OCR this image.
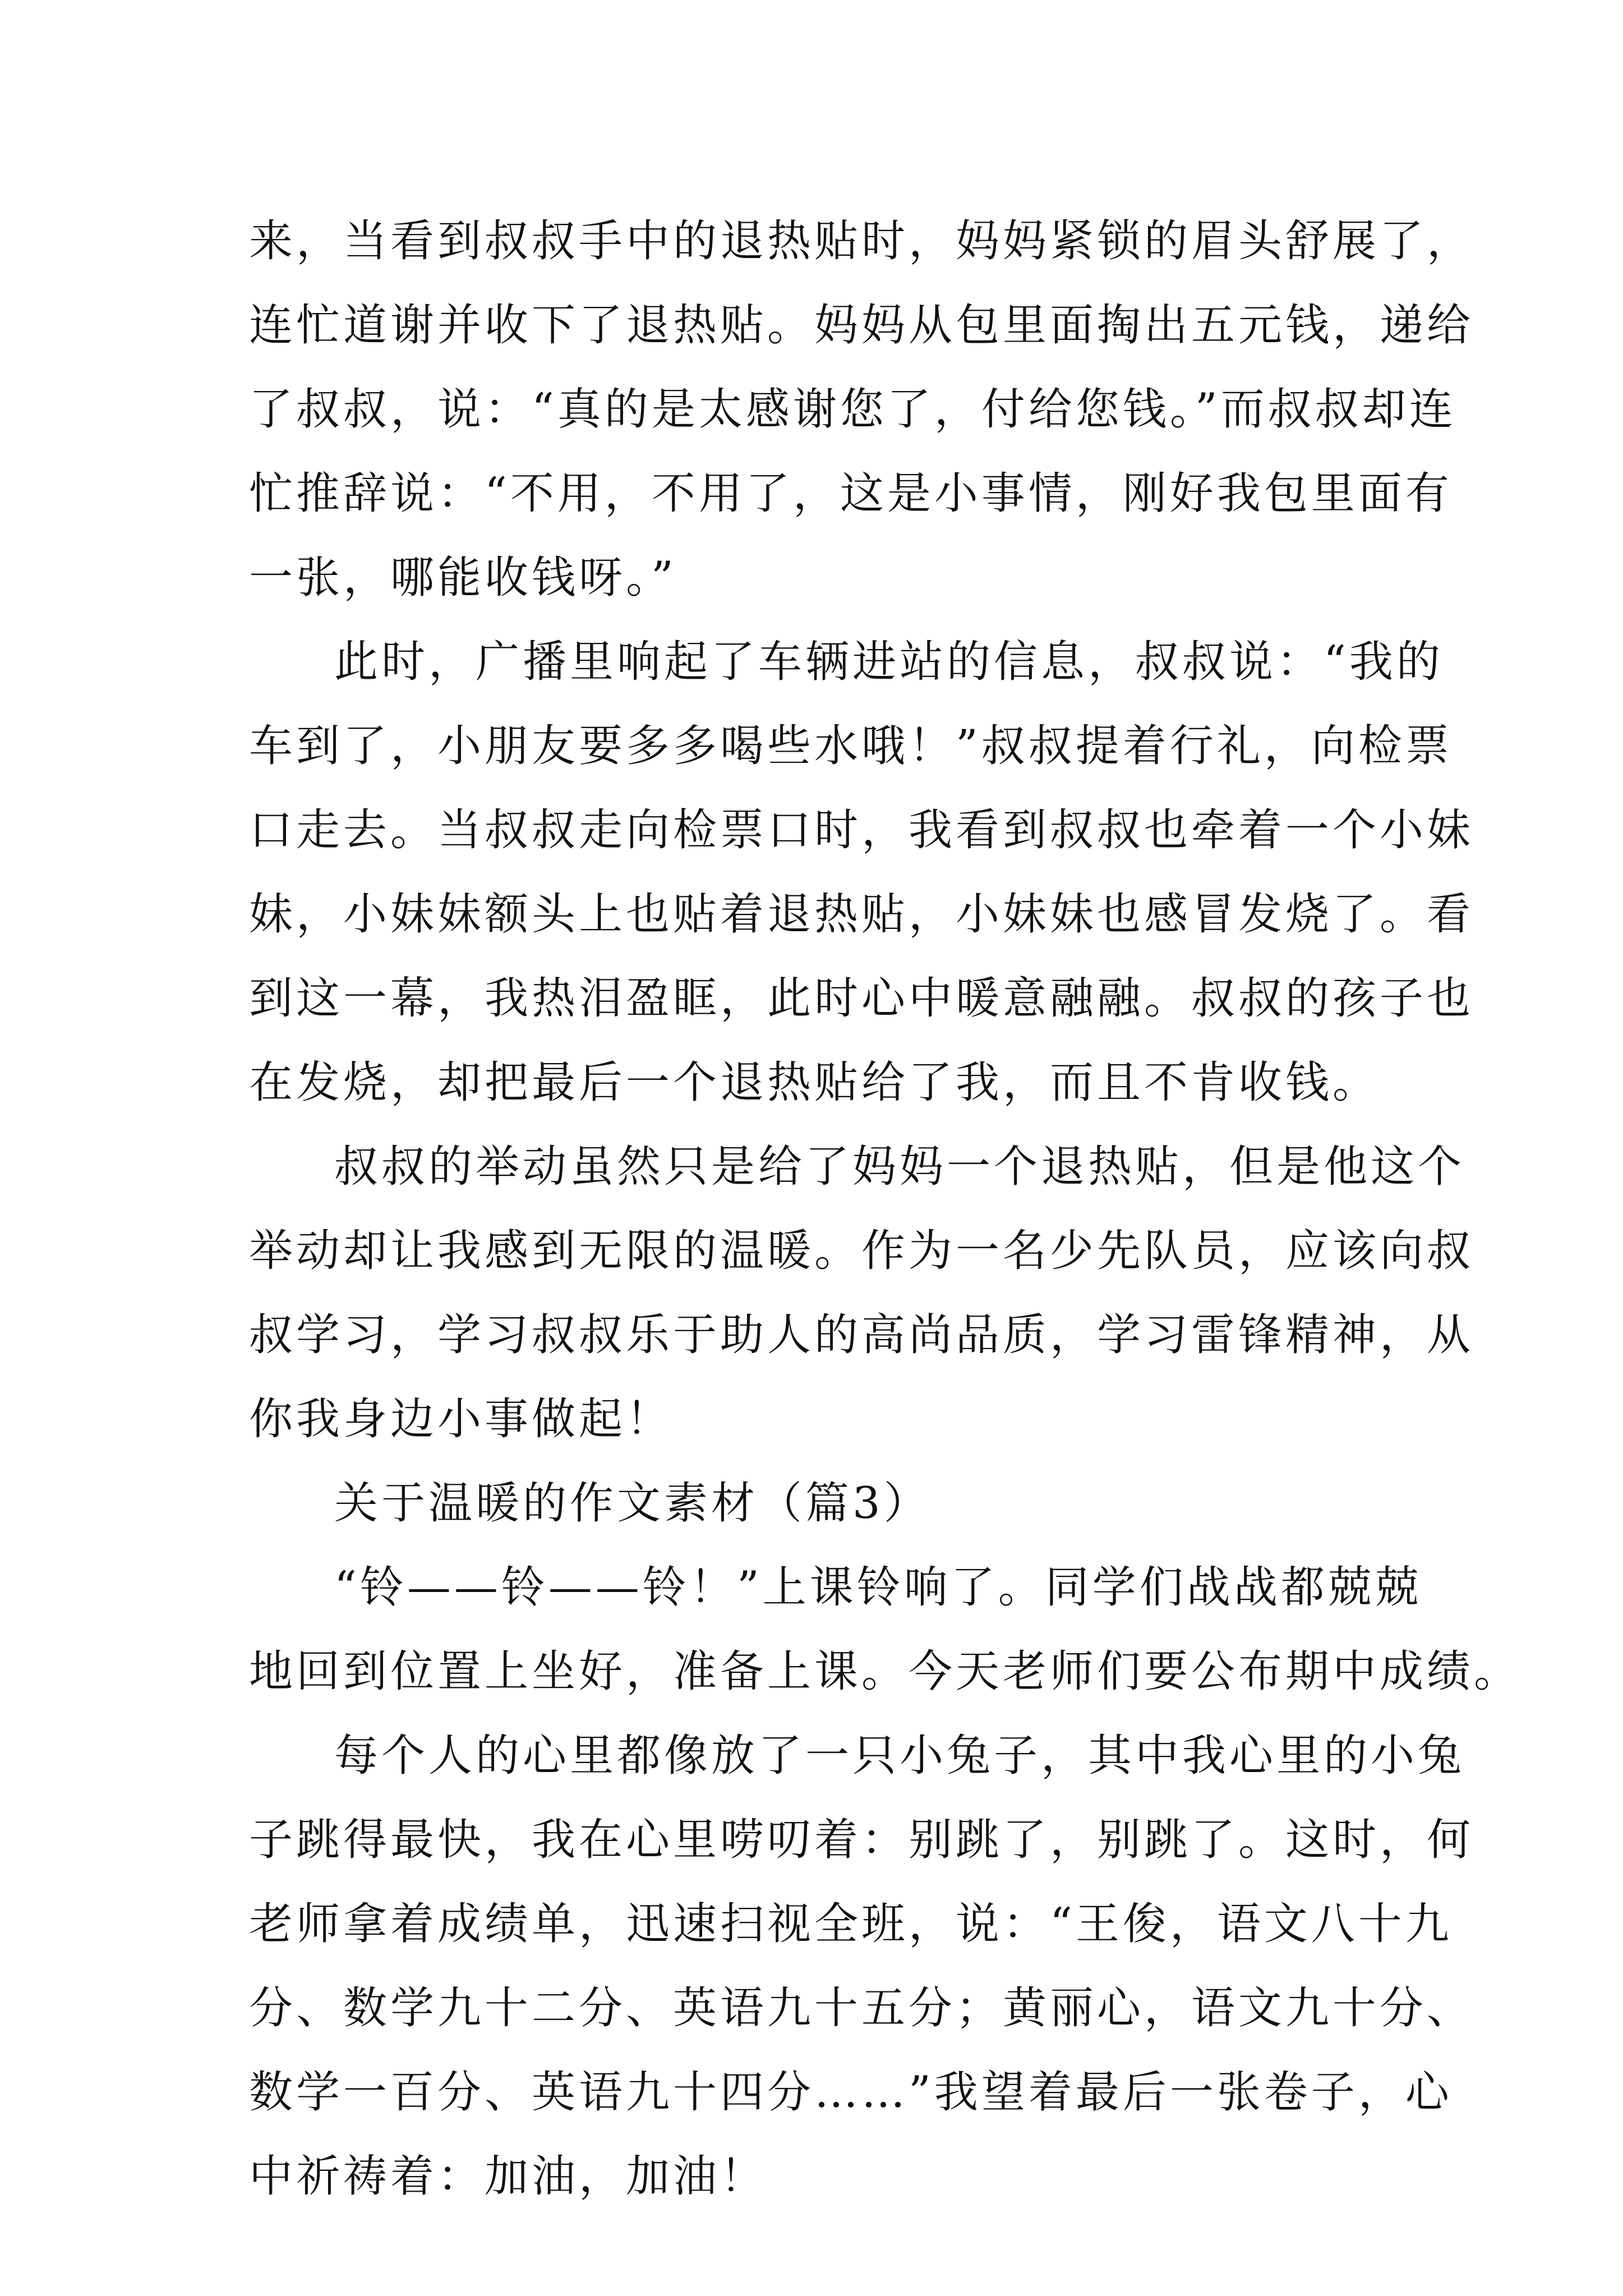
来，当看到叔叔手中的退热贴时，妈妈紧锁的眉头舒展了，
连忙道谢并收下了退热贴。妈妈从包里面掏出五元钱，递给
了叔叔，说：“真的是太感谢您了，付给您钱。”而叔叔却连
忙推辞说：“不用，不用了，这是小事情，刚好我包里面有
一张，哪能收钱呀。”
此时，广播里响起了车辆进站的信息，叔叔说：“我的
车到了，小朋友要多多喝些水哦！”叔叔提着行礼，向检票
口走去。当叔叔走向检票口时，我看到叔叔也牵着一个小妹
妹，小妹妹额头上也贴着退热贴，小妹妹也感冒发烧了。看
到这一幕，我热泪盈眶，此时心中暖意融融。叔叔的孩子也
在发烧，却把最后一个退热贴给了我，而且不肯收钱。
叔叔的举动虽然只是给了妈妈一个退热贴，但是他这个
举动却让我感到无限的温暖。作为一名少先队员，应该向叔
叔学习，学习叔叔乐于助人的高尚品质，学习雷锋精神，从
你我身边小事做起！
关于温暖的作文素材（篇3）
“铃——铃——铃！”上课铃响了。同学们战战都兢兢
地回到位置上坐好，准备上课。今天老师们要公布期中成绩。
每个人的心里都像放了一只小兔子，其中我心里的小兔
子跳得最快，我在心里唠叨着：别跳了，别跳了。这时，何
老师拿着成绩单，迅速扫视全班，说：“王俊，语文八十九
分、数学九十二分、英语九十五分；黄丽心，语文九十分、
数学一百分、英语九十四分……”我望着最后一张卷子，心
中祈祷着：加油，加油！
